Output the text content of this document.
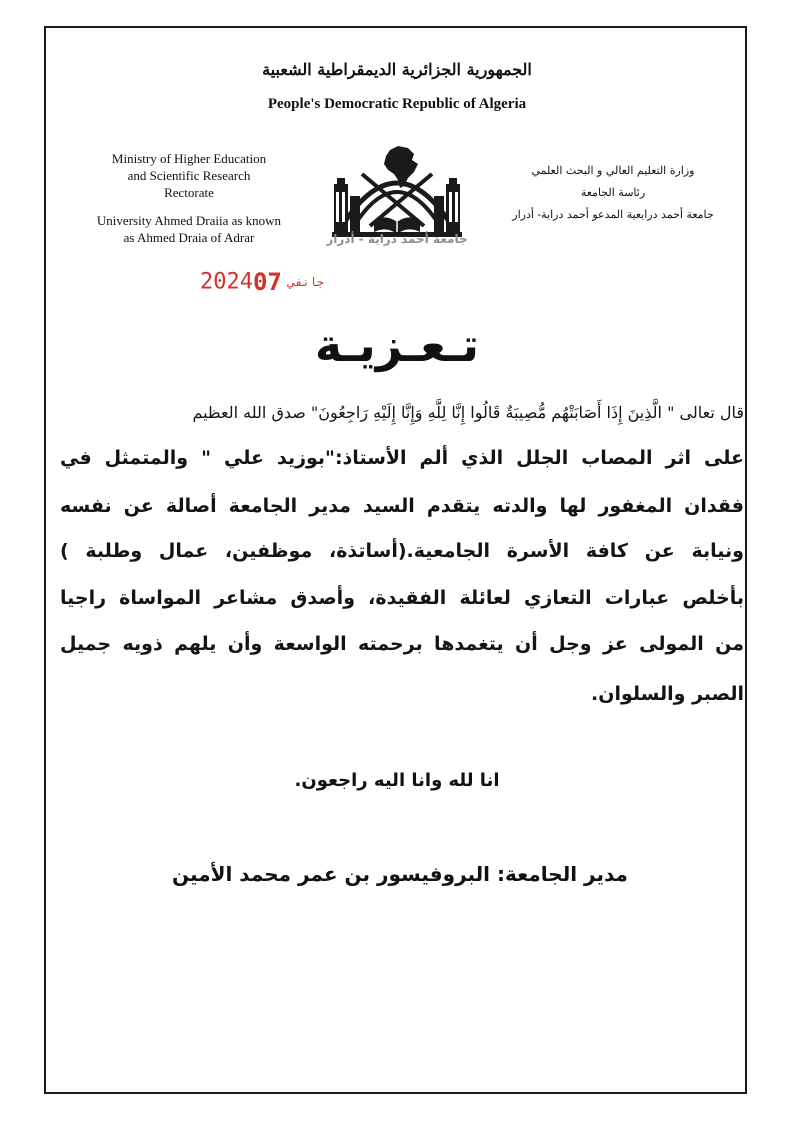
الجمهورية الجزائرية الديمقراطية الشعبية
People's Democratic Republic of Algeria
Ministry of Higher Education
and Scientific Research
Rectorate
University Ahmed Draiia as known
as Ahmed Draia of Adrar	جامعة أحمد دراية - أدرار
وزارة التعليم العالي و البحث العلمي
رئاسة الجامعة
جامعة أحمد درايعية المدعو أحمد دراية- أدرار
2024	جانفي07
تـعـزيـة
قال تعالى " الَّذِينَ إِذَا أَصَابَتْهُم مُّصِيبَةٌ قَالُوا إِنَّا لِلَّهِ وَإِنَّا إِلَيْهِ رَاجِعُونَ" صدق الله العظيم
على اثر المصاب الجلل الذي ألم الأستاذ:"بوزيد علي " والمتمثل في
فقدان المغفور لها والدته يتقدم السيد مدير الجامعة أصالة عن نفسه
ونيابة عن كافة الأسرة الجامعية.(أساتذة، موظفين، عمال وطلبة )
بأخلص عبارات التعازي لعائلة الفقيدة، وأصدق مشاعر المواساة راجيا
من المولى عز وجل أن يتغمدها برحمته الواسعة وأن يلهم ذويه جميل
الصبر والسلوان.
انا لله وانا اليه راجعون.
مدير الجامعة: البروفيسور بن عمر محمد الأمين
